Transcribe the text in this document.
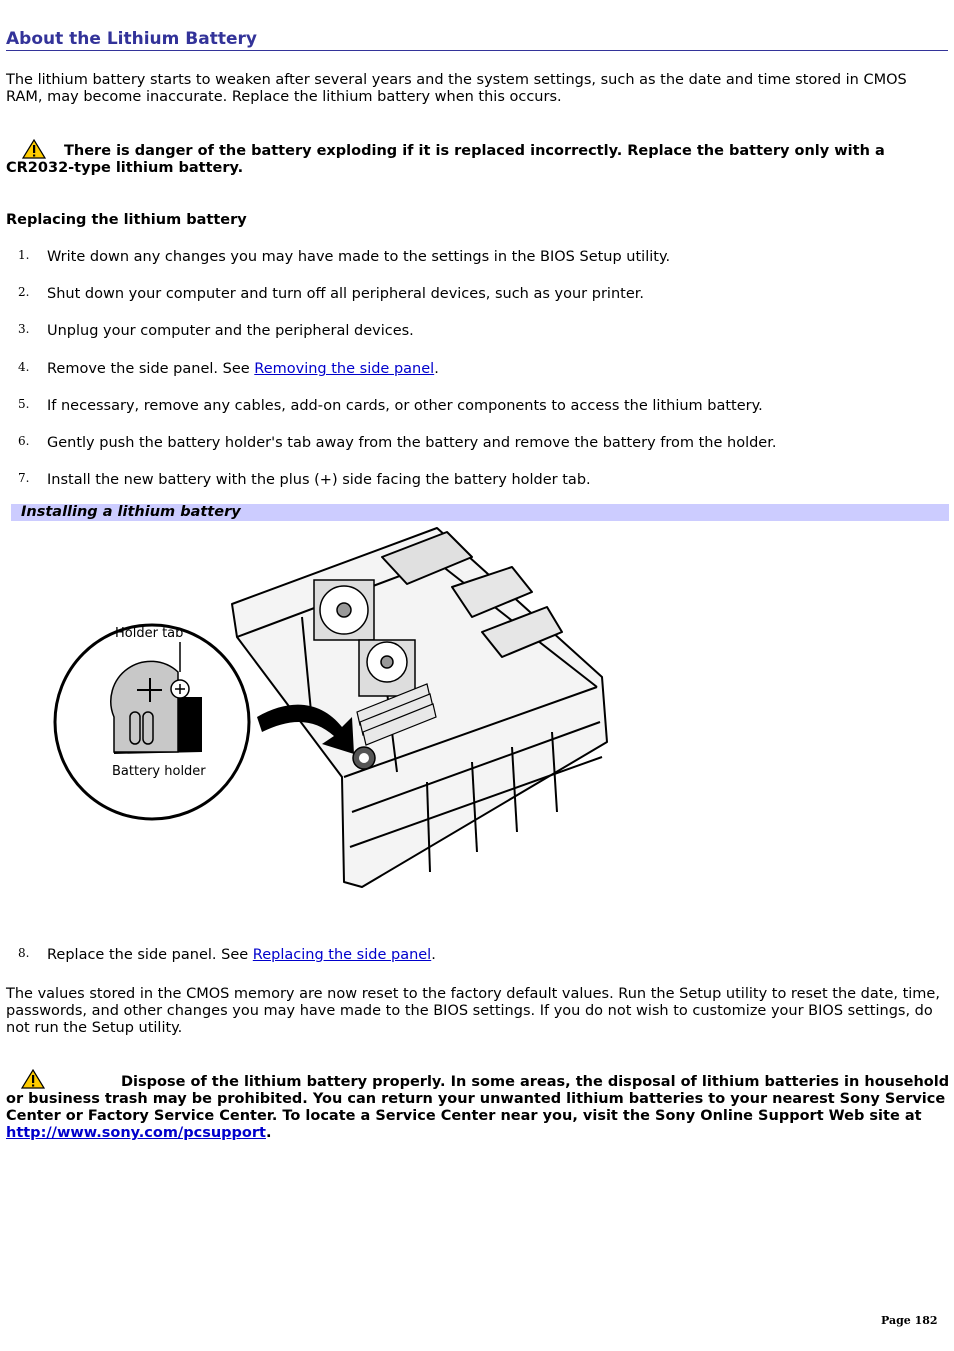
About the Lithium Battery
The lithium battery starts to weaken after several years and the system settings, such as the date and time stored in CMOS RAM, may become inaccurate. Replace the lithium battery when this occurs.
There is danger of the battery exploding if it is replaced incorrectly. Replace the battery only with a CR2032-type lithium battery.
Replacing the lithium battery
1. Write down any changes you may have made to the settings in the BIOS Setup utility.
2. Shut down your computer and turn off all peripheral devices, such as your printer.
3. Unplug your computer and the peripheral devices.
4. Remove the side panel. See Removing the side panel.
5. If necessary, remove any cables, add-on cards, or other components to access the lithium battery.
6. Gently push the battery holder's tab away from the battery and remove the battery from the holder.
7. Install the new battery with the plus (+) side facing the battery holder tab.
Installing a lithium battery
Holder tab
Battery holder
8. Replace the side panel. See Replacing the side panel.
The values stored in the CMOS memory are now reset to the factory default values. Run the Setup utility to reset the date, time, passwords, and other changes you may have made to the BIOS settings. If you do not wish to customize your BIOS settings, do not run the Setup utility.
Dispose of the lithium battery properly. In some areas, the disposal of lithium batteries in household or business trash may be prohibited. You can return your unwanted lithium batteries to your nearest Sony Service Center or Factory Service Center. To locate a Service Center near you, visit the Sony Online Support Web site at http://www.sony.com/pcsupport.
Page 182
